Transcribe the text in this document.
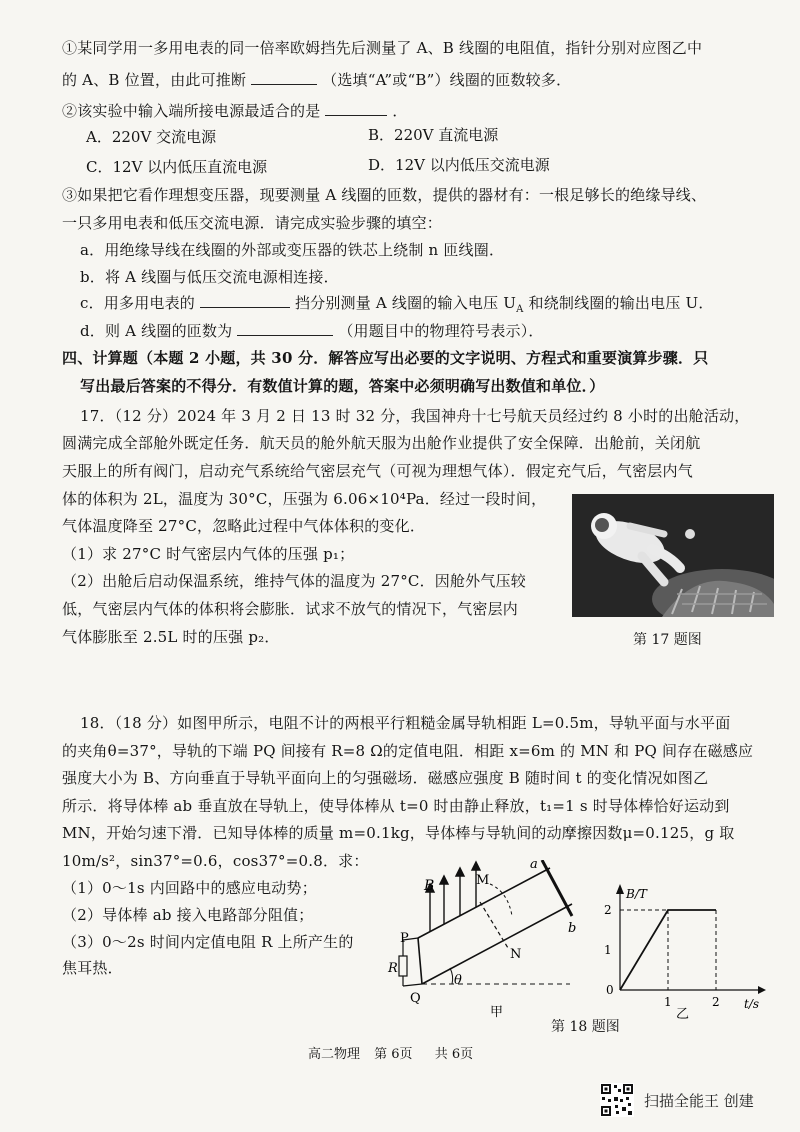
①某同学用一多用电表的同一倍率欧姆挡先后测量了 A、B 线圈的电阻值，指针分别对应图乙中
的 A、B 位置，由此可推断	（选填“A”或“B”）线圈的匝数较多．
②该实验中输入端所接电源最适合的是	．
A．220V 交流电源	B．220V 直流电源
C．12V 以内低压直流电源	D．12V 以内低压交流电源
③如果把它看作理想变压器，现要测量 A 线圈的匝数，提供的器材有：一根足够长的绝缘导线、
一只多用电表和低压交流电源．请完成实验步骤的填空：
a．用绝缘导线在线圈的外部或变压器的铁芯上绕制 n 匝线圈．
b．将 A 线圈与低压交流电源相连接．
c．用多用电表的	挡分别测量 A 线圈的输入电压 $U_A$ 和绕制线圈的输出电压 U．
d．则 A 线圈的匝数为	（用题目中的物理符号表示）．
四、计算题（本题 2 小题，共 30 分．解答应写出必要的文字说明、方程式和重要演算步骤．只
写出最后答案的不得分．有数值计算的题，答案中必须明确写出数值和单位．）
17．（12 分）2024 年 3 月 2 日 13 时 32 分，我国神舟十七号航天员经过约 8 小时的出舱活动，
圆满完成全部舱外既定任务．航天员的舱外航天服为出舱作业提供了安全保障．出舱前，关闭航
天服上的所有阀门，启动充气系统给气密层充气（可视为理想气体）．假定充气后，气密层内气
体的体积为 2L，温度为 30°C，压强为 6.06×10⁴Pa．经过一段时间，
气体温度降至 27°C，忽略此过程中气体体积的变化．
（1）求 27°C 时气密层内气体的压强 p₁；
（2）出舱后启动保温系统，维持气体的温度为 27°C．因舱外气压较
低，气密层内气体的体积将会膨胀．试求不放气的情况下，气密层内
气体膨胀至 2.5L 时的压强 p₂．	第 17 题图
18．（18 分）如图甲所示，电阻不计的两根平行粗糙金属导轨相距 L=0.5m，导轨平面与水平面
的夹角θ=37°，导轨的下端 PQ 间接有 R=8 Ω的定值电阻．相距 x=6m 的 MN 和 PQ 间存在磁感应
强度大小为 B、方向垂直于导轨平面向上的匀强磁场．磁感应强度 B 随时间 t 的变化情况如图乙
所示．将导体棒 ab 垂直放在导轨上，使导体棒从 t=0 时由静止释放，t₁=1 s 时导体棒恰好运动到
MN，开始匀速下滑．已知导体棒的质量 m=0.1kg，导体棒与导轨间的动摩擦因数μ=0.125，g 取
10m/s²，sin37°=0.6，cos37°=0.8．求：
（1）0～1s 内回路中的感应电动势；
（2）导体棒 ab 接入电路部分阻值；
（3）0～2s 时间内定值电阻 R 上所产生的
焦耳热．
B	M
a
b
P
N
R
Q
θ
甲
B/T
t/s
2
1
0
1	2
乙
第 18 题图
高二物理 第 6页 共 6页
扫描全能王 创建
